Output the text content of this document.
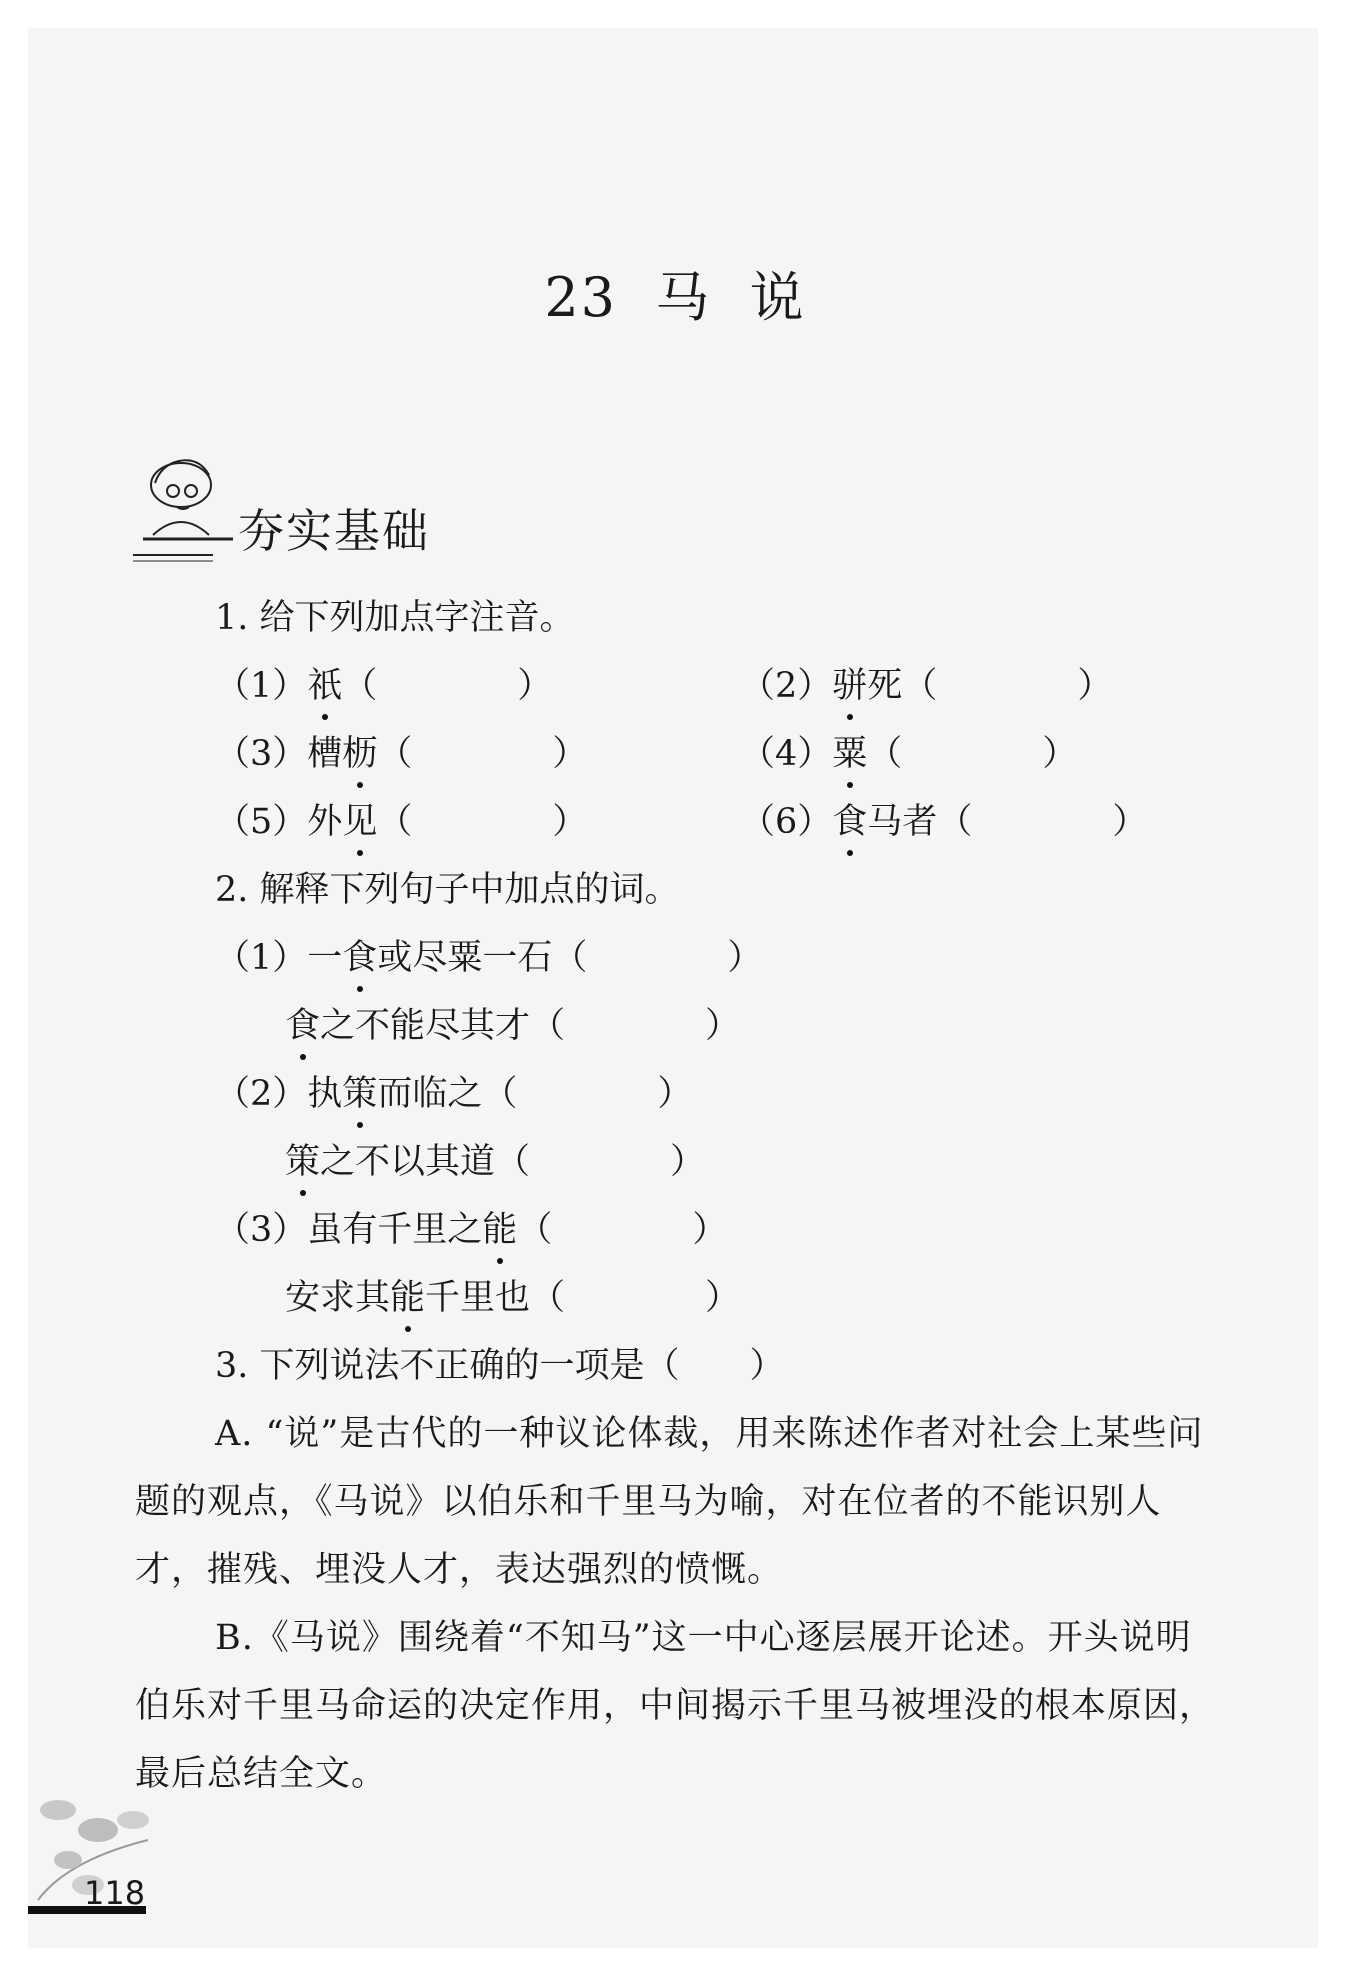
23  马  说
夯实基础
1. 给下列加点字注音。
（1）祇（　　　　）	（2）骈死（　　　　）
（3）槽枥（　　　　）	（4）粟（　　　　）
（5）外见（　　　　）	（6）食马者（　　　　）
2. 解释下列句子中加点的词。
（1）一食或尽粟一石（　　　　）
食之不能尽其才（　　　　）
（2）执策而临之（　　　　）
策之不以其道（　　　　）
（3）虽有千里之能（　　　　）
安求其能千里也（　　　　）
3. 下列说法不正确的一项是（　　）
A. “说”是古代的一种议论体裁，用来陈述作者对社会上某些问题的观点，《马说》以伯乐和千里马为喻，对在位者的不能识别人才，摧残、埋没人才，表达强烈的愤慨。
B.《马说》围绕着“不知马”这一中心逐层展开论述。开头说明伯乐对千里马命运的决定作用，中间揭示千里马被埋没的根本原因，最后总结全文。
118
